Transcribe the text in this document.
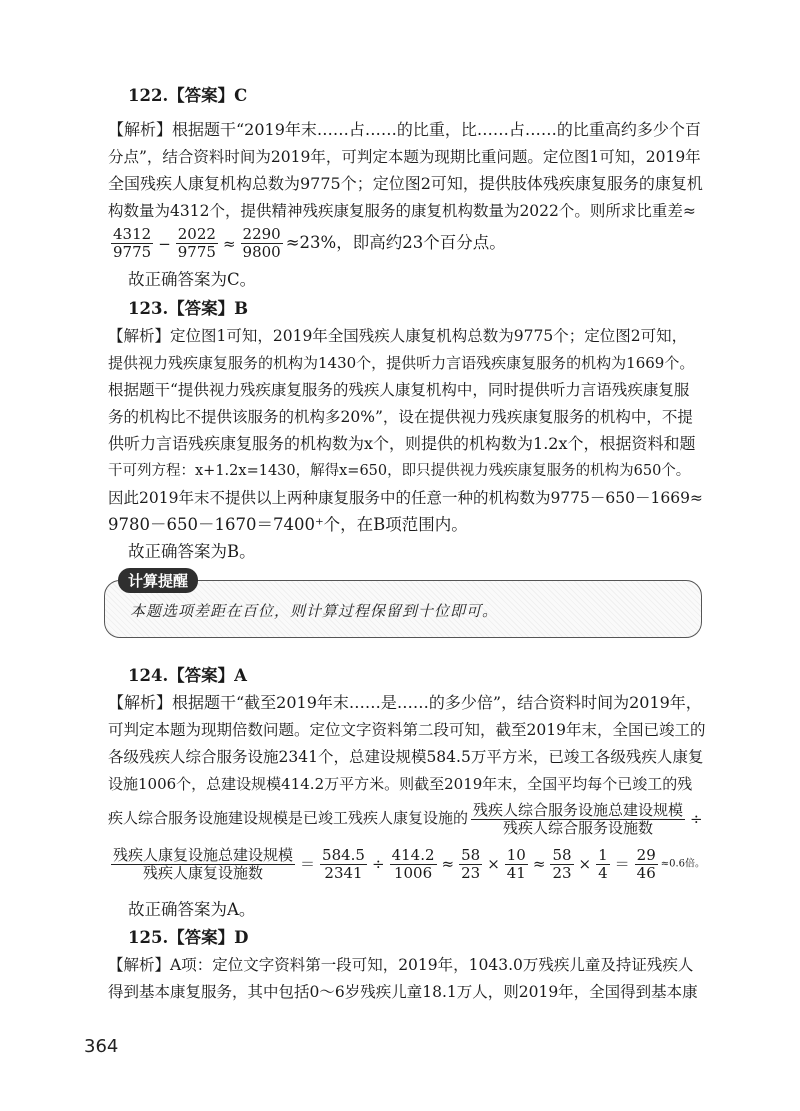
122.【答案】C
【解析】根据题干“2019年末……占……的比重，比……占……的比重高约多少个百
分点”，结合资料时间为2019年，可判定本题为现期比重问题。定位图1可知，2019年
全国残疾人康复机构总数为9775个；定位图2可知，提供肢体残疾康复服务的康复机
构数量为4312个，提供精神残疾康复服务的康复机构数量为2022个。则所求比重差≈
$\frac{4312}{9775} - \frac{2022}{9775} \approx \frac{2290}{9800} \approx 23\%$，即高约23个百分点。
故正确答案为C。
123.【答案】B
【解析】定位图1可知，2019年全国残疾人康复机构总数为9775个；定位图2可知，
提供视力残疾康复服务的机构为1430个，提供听力言语残疾康复服务的机构为1669个。
根据题干“提供视力残疾康复服务的残疾人康复机构中，同时提供听力言语残疾康复服
务的机构比不提供该服务的机构多20%”，设在提供视力残疾康复服务的机构中，不提
供听力言语残疾康复服务的机构数为x个，则提供的机构数为1.2x个，根据资料和题
干可列方程：x+1.2x=1430，解得x=650，即只提供视力残疾康复服务的机构为650个。
因此2019年末不提供以上两种康复服务中的任意一种的机构数为9775－650－1669≈
9780－650－1670＝7400⁺个，在B项范围内。
故正确答案为B。
计算提醒
本题选项差距在百位，则计算过程保留到十位即可。
124.【答案】A
【解析】根据题干“截至2019年末……是……的多少倍”，结合资料时间为2019年，
可判定本题为现期倍数问题。定位文字资料第二段可知，截至2019年末，全国已竣工的
各级残疾人综合服务设施2341个，总建设规模584.5万平方米，已竣工各级残疾人康复
设施1006个，总建设规模414.2万平方米。则截至2019年末，全国平均每个已竣工的残
疾人综合服务设施建设规模是已竣工残疾人康复设施的 $\frac{\text{残疾人综合服务设施总建设规模}}{\text{残疾人综合服务设施数}}$ ÷
$\frac{\text{残疾人康复设施总建设规模}}{\text{残疾人康复设施数}} = \frac{584.5}{2341} \div \frac{414.2}{1006} \approx \frac{58}{23} \times \frac{10}{41} \approx \frac{58}{23} \times \frac{1}{4} = \frac{29}{46} \approx 0.6$倍。
故正确答案为A。
125.【答案】D
【解析】A项：定位文字资料第一段可知，2019年，1043.0万残疾儿童及持证残疾人
得到基本康复服务，其中包括0～6岁残疾儿童18.1万人，则2019年，全国得到基本康
364
